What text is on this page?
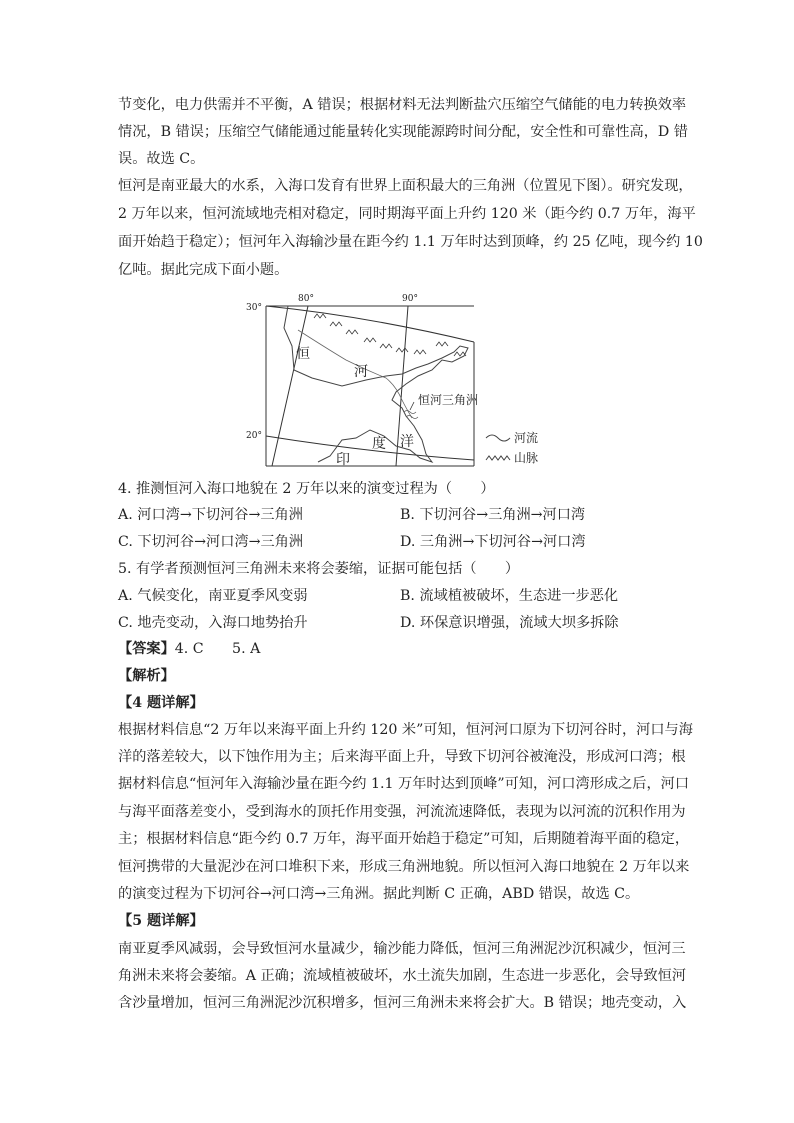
节变化，电力供需并不平衡，A 错误；根据材料无法判断盐穴压缩空气储能的电力转换效率
情况，B 错误；压缩空气储能通过能量转化实现能源跨时间分配，安全性和可靠性高，D 错
误。故选 C。
恒河是南亚最大的水系，入海口发育有世界上面积最大的三角洲（位置见下图）。研究发现，
2 万年以来，恒河流域地壳相对稳定，同时期海平面上升约 120 米（距今约 0.7 万年，海平
面开始趋于稳定）；恒河年入海输沙量在距今约 1.1 万年时达到顶峰，约 25 亿吨，现今约 10
亿吨。据此完成下面小题。
30°
20°
80°	90°
恒
河
恒河三角洲
度 洋
印
河流
山脉
4. 推测恒河入海口地貌在 2 万年以来的演变过程为（　　）
A. 河口湾→下切河谷→三角洲	B. 下切河谷→三角洲→河口湾
C. 下切河谷→河口湾→三角洲	D. 三角洲→下切河谷→河口湾
5. 有学者预测恒河三角洲未来将会萎缩，证据可能包括（　　）
A. 气候变化，南亚夏季风变弱	B. 流域植被破坏，生态进一步恶化
C. 地壳变动，入海口地势抬升	D. 环保意识增强，流域大坝多拆除
【答案】4. C　　5. A
【解析】
【4 题详解】
根据材料信息“2 万年以来海平面上升约 120 米”可知，恒河河口原为下切河谷时，河口与海
洋的落差较大，以下蚀作用为主；后来海平面上升，导致下切河谷被淹没，形成河口湾；根
据材料信息“恒河年入海输沙量在距今约 1.1 万年时达到顶峰”可知，河口湾形成之后，河口
与海平面落差变小，受到海水的顶托作用变强，河流流速降低，表现为以河流的沉积作用为
主；根据材料信息“距今约 0.7 万年，海平面开始趋于稳定”可知，后期随着海平面的稳定，
恒河携带的大量泥沙在河口堆积下来，形成三角洲地貌。所以恒河入海口地貌在 2 万年以来
的演变过程为下切河谷→河口湾→三角洲。据此判断 C 正确，ABD 错误，故选 C。
【5 题详解】
南亚夏季风减弱，会导致恒河水量减少，输沙能力降低，恒河三角洲泥沙沉积减少，恒河三
角洲未来将会萎缩。A 正确；流域植被破坏，水土流失加剧，生态进一步恶化，会导致恒河
含沙量增加，恒河三角洲泥沙沉积增多，恒河三角洲未来将会扩大。B 错误；地壳变动，入
